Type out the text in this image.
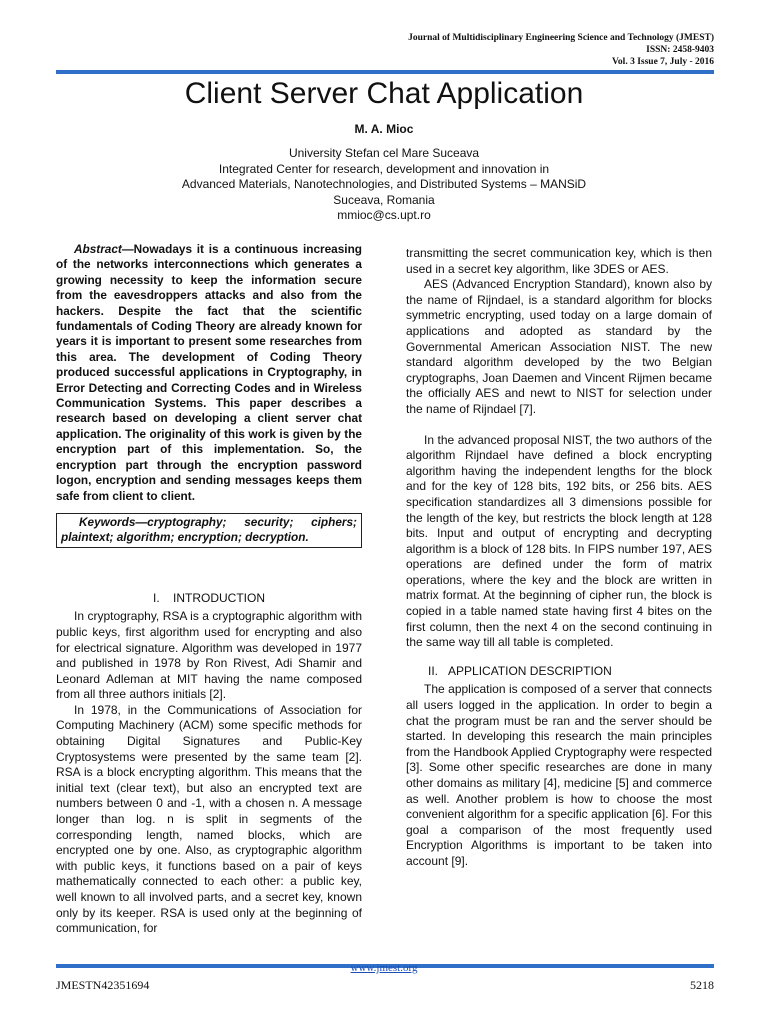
Journal of Multidisciplinary Engineering Science and Technology (JMEST)
ISSN: 2458-9403
Vol. 3 Issue 7, July - 2016
Client Server Chat Application
M. A. Mioc
University Stefan cel Mare Suceava
Integrated Center for research, development and innovation in
Advanced Materials, Nanotechnologies, and Distributed Systems – MANSiD
Suceava, Romania
mmioc@cs.upt.ro

Abstract—Nowadays it is a continuous increasing of the networks interconnections which generates a growing necessity to keep the information secure from the eavesdroppers attacks and also from the hackers. Despite the fact that the scientific fundamentals of Coding Theory are already known for years it is important to present some researches from this area. The development of Coding Theory produced successful applications in Cryptography, in Error Detecting and Correcting Codes and in Wireless Communication Systems. This paper describes a research based on developing a client server chat application. The originality of this work is given by the encryption part of this implementation. So, the encryption part through the encryption password logon, encryption and sending messages keeps them safe from client to client.

Keywords—cryptography; security; ciphers; plaintext; algorithm; encryption; decryption.

I.    INTRODUCTION

In cryptography, RSA is a cryptographic algorithm with public keys, first algorithm used for encrypting and also for electrical signature. Algorithm was developed in 1977 and published in 1978 by Ron Rivest, Adi Shamir and Leonard Adleman at MIT having the name composed from all three authors initials [2].

In 1978, in the Communications of Association for Computing Machinery (ACM) some specific methods for obtaining Digital Signatures and Public-Key Cryptosystems were presented by the same team [2]. RSA is a block encrypting algorithm. This means that the initial text (clear text), but also an encrypted text are numbers between 0 and -1, with a chosen n. A message longer than log. n is split in segments of the corresponding length, named blocks, which are encrypted one by one. Also, as cryptographic algorithm with public keys, it functions based on a pair of keys mathematically connected to each other: a public key, well known to all involved parts, and a secret key, known only by its keeper. RSA is used only at the beginning of communication, for

transmitting the secret communication key, which is then used in a secret key algorithm, like 3DES or AES.

AES (Advanced Encryption Standard), known also by the name of Rijndael, is a standard algorithm for blocks symmetric encrypting, used today on a large domain of applications and adopted as standard by the Governmental American Association NIST. The new standard algorithm developed by the two Belgian cryptographs, Joan Daemen and Vincent Rijmen became the officially AES and newt to NIST for selection under the name of Rijndael [7].

In the advanced proposal NIST, the two authors of the algorithm Rijndael have defined a block encrypting algorithm having the independent lengths for the block and for the key of 128 bits, 192 bits, or 256 bits. AES specification standardizes all 3 dimensions possible for the length of the key, but restricts the block length at 128 bits. Input and output of encrypting and decrypting algorithm is a block of 128 bits. In FIPS number 197, AES operations are defined under the form of matrix operations, where the key and the block are written in matrix format. At the beginning of cipher run, the block is copied in a table named state having first 4 bites on the first column, then the next 4 on the second continuing in the same way till all table is completed.

II.   APPLICATION DESCRIPTION

The application is composed of a server that connects all users logged in the application. In order to begin a chat the program must be ran and the server should be started. In developing this research the main principles from the Handbook Applied Cryptography were respected [3]. Some other specific researches are done in many other domains as military [4], medicine [5] and commerce as well. Another problem is how to choose the most convenient algorithm for a specific application [6]. For this goal a comparison of the most frequently used Encryption Algorithms is important to be taken into account [9].

www.jmest.org
JMESTN42351694	5218
